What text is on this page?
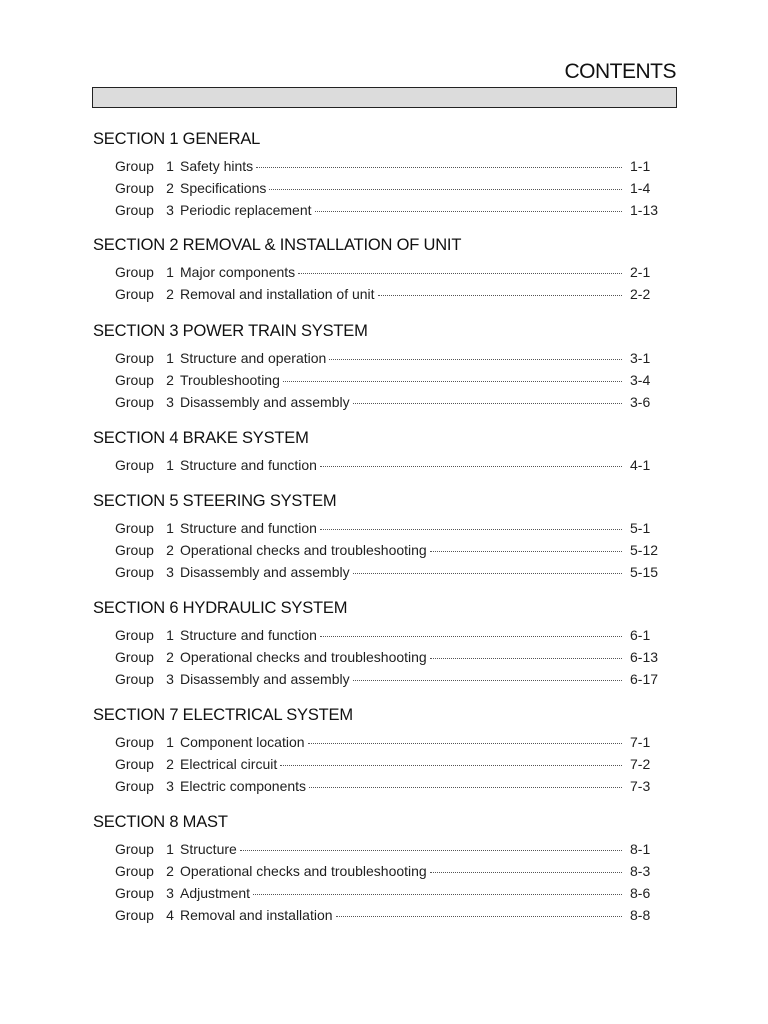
CONTENTS
SECTION 1 GENERAL
Group 1 Safety hints	1-1
Group 2 Specifications	1-4
Group 3 Periodic replacement	1-13
SECTION 2 REMOVAL & INSTALLATION OF UNIT
Group 1 Major components	2-1
Group 2 Removal and installation of unit	2-2
SECTION 3 POWER TRAIN SYSTEM
Group 1 Structure and operation	3-1
Group 2 Troubleshooting	3-4
Group 3 Disassembly and assembly	3-6
SECTION 4 BRAKE SYSTEM
Group 1 Structure and function	4-1
SECTION 5 STEERING SYSTEM
Group 1 Structure and function	5-1
Group 2 Operational checks and troubleshooting	5-12
Group 3 Disassembly and assembly	5-15
SECTION 6 HYDRAULIC SYSTEM
Group 1 Structure and function	6-1
Group 2 Operational checks and troubleshooting	6-13
Group 3 Disassembly and assembly	6-17
SECTION 7 ELECTRICAL SYSTEM
Group 1 Component location	7-1
Group 2 Electrical circuit	7-2
Group 3 Electric components	7-3
SECTION 8 MAST
Group 1 Structure	8-1
Group 2 Operational checks and troubleshooting	8-3
Group 3 Adjustment	8-6
Group 4 Removal and installation	8-8
